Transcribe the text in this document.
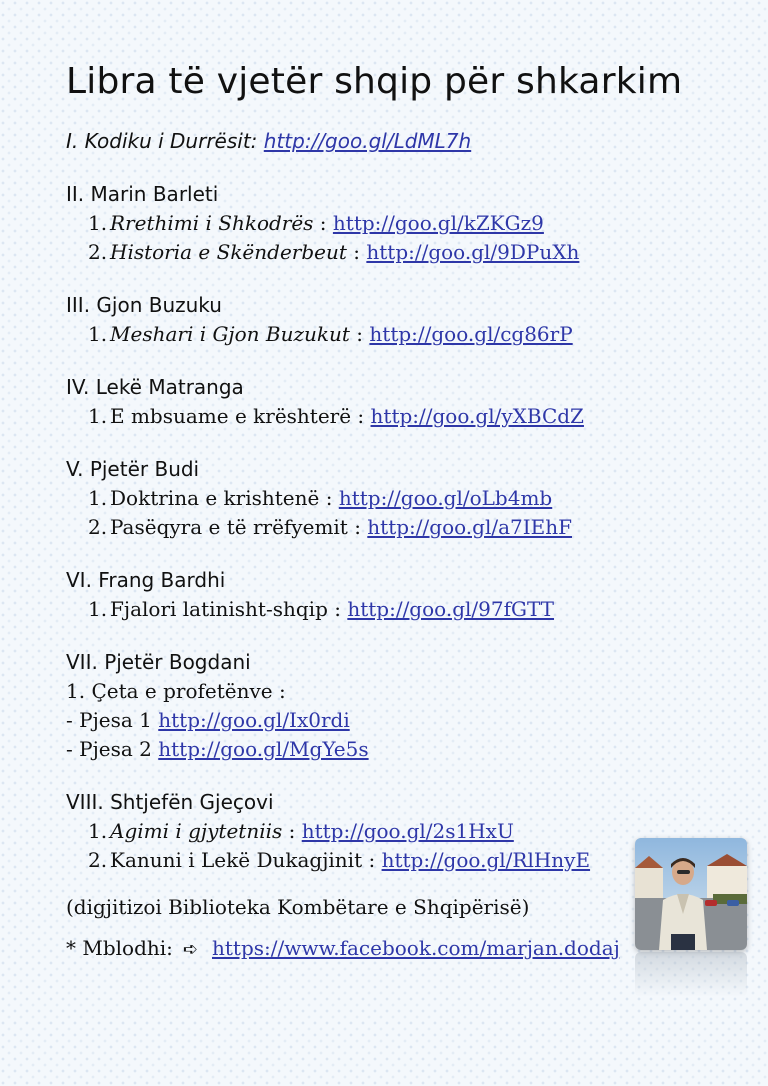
Libra të vjetër shqip për shkarkim
I. Kodiku i Durrësit: http://goo.gl/LdML7h
II. Marin Barleti
1. Rrethimi i Shkodrës : http://goo.gl/kZKGz9
2. Historia e Skënderbeut : http://goo.gl/9DPuXh
III. Gjon Buzuku
1. Meshari i Gjon Buzukut : http://goo.gl/cg86rP
IV. Lekë Matranga
1. E mbsuame e krështerë : http://goo.gl/yXBCdZ
V. Pjetër Budi
1. Doktrina e krishtenë : http://goo.gl/oLb4mb
2. Pasëqyra e të rrëfyemit : http://goo.gl/a7IEhF
VI. Frang Bardhi
1. Fjalori latinisht-shqip : http://goo.gl/97fGTT
VII. Pjetër Bogdani
1. Çeta e profetënve :
- Pjesa 1 http://goo.gl/Ix0rdi
- Pjesa 2 http://goo.gl/MgYe5s
VIII. Shtjefën Gjeçovi
1. Agimi i gjytetniis : http://goo.gl/2s1HxU
2. Kanuni i Lekë Dukagjinit : http://goo.gl/RlHnyE
(digjitizoi Biblioteka Kombëtare e Shqipërisë)
* Mblodhi: ➪ https://www.facebook.com/marjan.dodaj
